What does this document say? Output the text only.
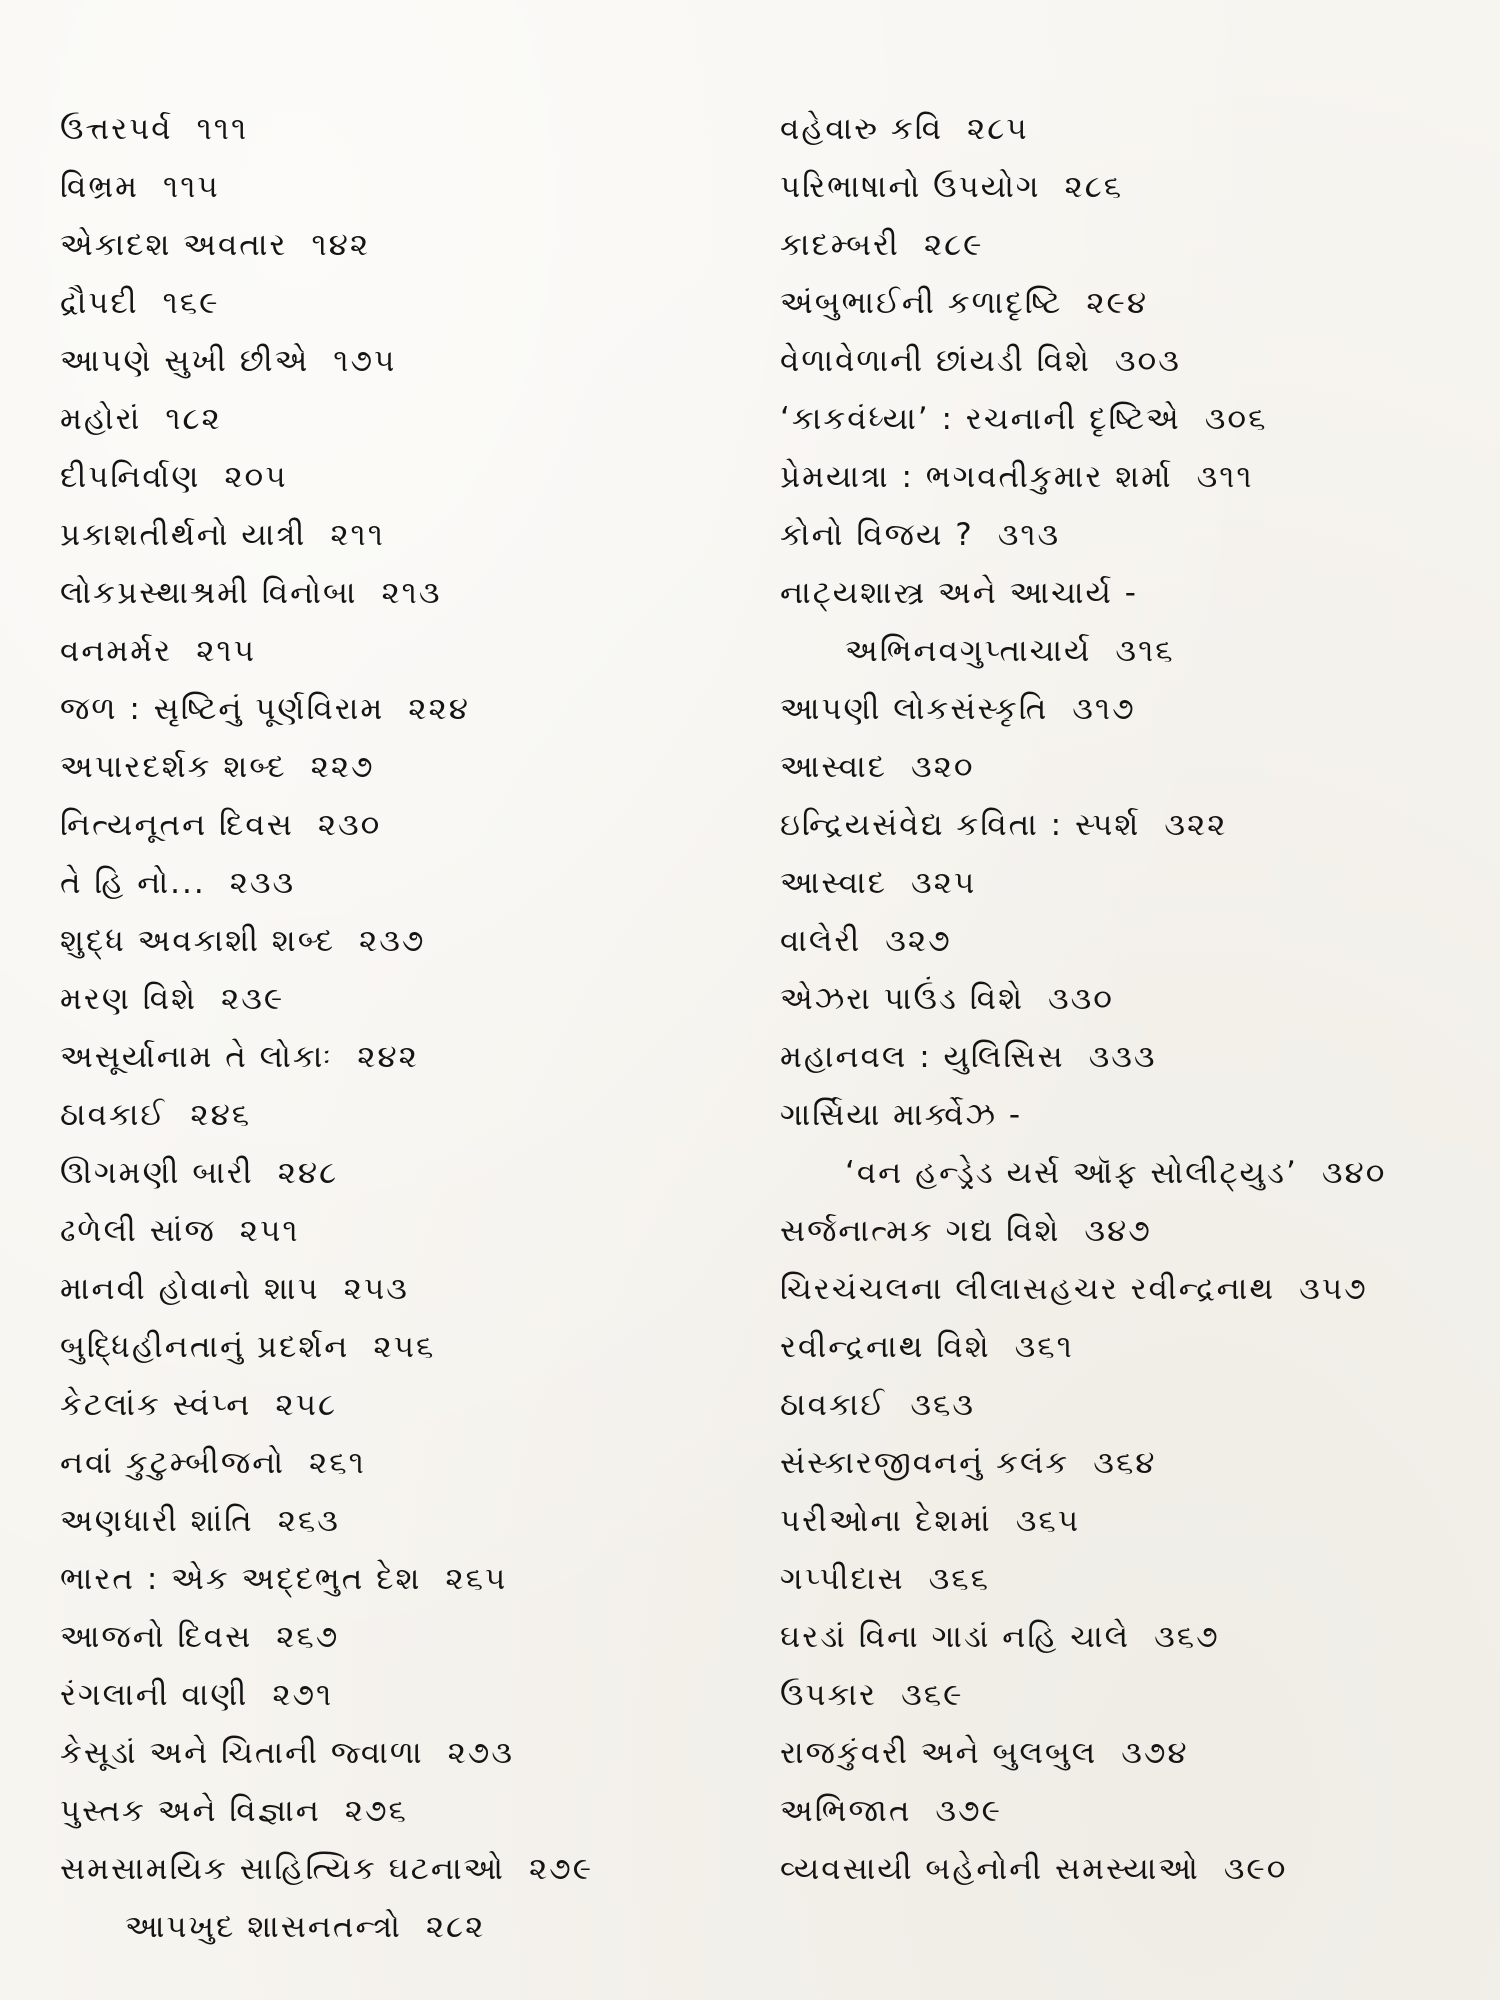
ઉત્તરપર્વ ૧૧૧
વિભ્રમ ૧૧૫
એકાદશ અવતાર ૧૪૨
દ્રૌપદી ૧૬૯
આપણે સુખી છીએ ૧૭૫
મહોરાં ૧૮૨
દીપનિર્વાણ ૨૦૫
પ્રકાશતીર્થનો યાત્રી ૨૧૧
લોકપ્રસ્થાશ્રમી વિનોબા ૨૧૩
વનમર્મર ૨૧૫
જળ : સૃષ્ટિનું પૂર્ણવિરામ ૨૨૪
અપારદર્શક શબ્દ ૨૨૭
નિત્યનૂતન દિવસ ૨૩૦
તે હિ નો... ૨૩૩
શુદ્ધ અવકાશી શબ્દ ૨૩૭
મરણ વિશે ૨૩૯
અસૂર્યાનામ તે લોકાઃ ૨૪૨
ઠાવકાઈ ૨૪૬
ઊગમણી બારી ૨૪૮
ઢળેલી સાંજ ૨૫૧
માનવી હોવાનો શાપ ૨૫૩
બુદ્ધિહીનતાનું પ્રદર્શન ૨૫૬
કેટલાંક સ્વંપ્ન ૨૫૮
નવાં કુટુમ્બીજનો ૨૬૧
અણધારી શાંતિ ૨૬૩
ભારત : એક અદ્દભુત દેશ ૨૬૫
આજનો દિવસ ૨૬૭
રંગલાની વાણી ૨૭૧
કેસૂડાં અને ચિતાની જ્વાળા ૨૭૩
પુસ્તક અને વિજ્ઞાન ૨૭૬
સમસામયિક સાહિત્યિક ઘટનાઓ ૨૭૯
આપખુદ શાસનતન્ત્રો ૨૮૨
વહેવારુ કવિ ૨૮૫
પરિભાષાનો ઉપયોગ ૨૮૬
કાદમ્બરી ૨૮૯
અંબુભાઈની કળાદૃષ્ટિ ૨૯૪
વેળાવેળાની છાંયડી વિશે ૩૦૩
‘કાકવંધ્યા’ : રચનાની દૃષ્ટિએ ૩૦૬
પ્રેમયાત્રા : ભગવતીકુમાર શર્મા ૩૧૧
કોનો વિજય ? ૩૧૩
નાટ્યશાસ્ત્ર અને આચાર્ય -
અભિનવગુપ્તાચાર્ય ૩૧૬
આપણી લોકસંસ્કૃતિ ૩૧૭
આસ્વાદ ૩૨૦
ઇન્દ્રિયસંવેદ્ય કવિતા : સ્પર્શ ૩૨૨
આસ્વાદ ૩૨૫
વાલેરી ૩૨૭
એઝરા પાઉંડ વિશે ૩૩૦
મહાનવલ : યુલિસિસ ૩૩૩
ગાર્સિયા માર્ક્વેઝ -
‘વન હન્ડ્રેડ યર્સ ઑફ સોલીટ્યુડ’ ૩૪૦
સર્જનાત્મક ગદ્ય વિશે ૩૪૭
ચિરચંચલના લીલાસહચર રવીન્દ્રનાથ ૩૫૭
રવીન્દ્રનાથ વિશે ૩૬૧
ઠાવકાઈ ૩૬૩
સંસ્કારજીવનનું કલંક ૩૬૪
પરીઓના દેશમાં ૩૬૫
ગપ્પીદાસ ૩૬૬
ઘરડાં વિના ગાડાં નહિ ચાલે ૩૬૭
ઉપકાર ૩૬૯
રાજકુંવરી અને બુલબુલ ૩૭૪
અભિજાત ૩૭૯
વ્યવસાયી બહેનોની સમસ્યાઓ ૩૯૦
